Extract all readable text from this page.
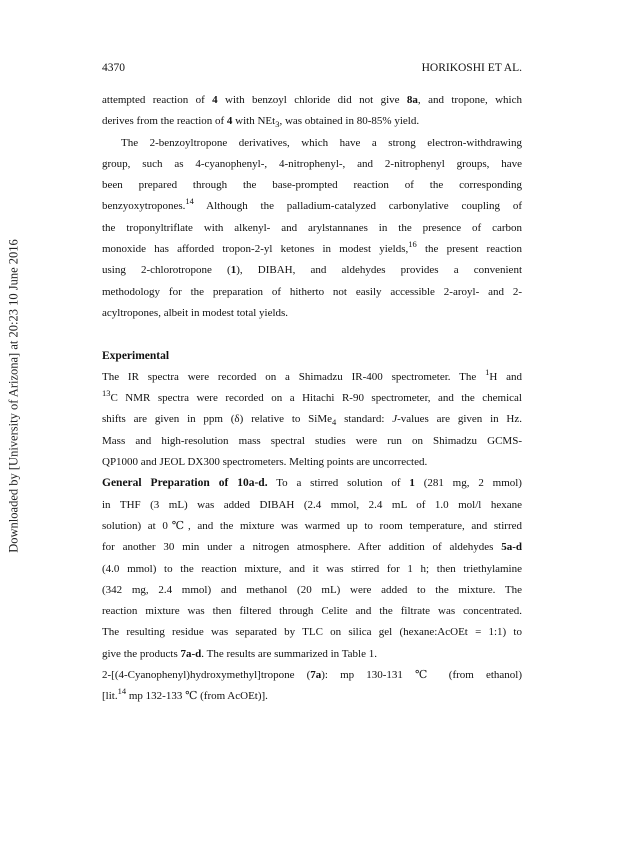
Downloaded by [University of Arizona] at 20:23 10 June 2016
4370	HORIKOSHI ET AL.
attempted reaction of 4 with benzoyl chloride did not give 8a, and tropone, which
derives from the reaction of 4 with NEt$_3$, was obtained in 80-85% yield.
The 2-benzoyltropone derivatives, which have a strong electron-withdrawing
group, such as 4-cyanophenyl-, 4-nitrophenyl-, and 2-nitrophenyl groups, have
been prepared through the base-prompted reaction of the corresponding
benzyoxytropones.$^{14}$ Although the palladium-catalyzed carbonylative coupling of
the troponyltriflate with alkenyl- and arylstannanes in the presence of carbon
monoxide has afforded tropon-2-yl ketones in modest yields,$^{16}$ the present reaction
using 2-chlorotropone (1), DIBAH, and aldehydes provides a convenient
methodology for the preparation of hitherto not easily accessible 2-aroyl- and 2-
acyltropones, albeit in modest total yields.
Experimental
The IR spectra were recorded on a Shimadzu IR-400 spectrometer. The $^1$H and
$^{13}$C NMR spectra were recorded on a Hitachi R-90 spectrometer, and the chemical
shifts are given in ppm (δ) relative to SiMe$_4$ standard: J-values are given in Hz.
Mass and high-resolution mass spectral studies were run on Shimadzu GCMS-
QP1000 and JEOL DX300 spectrometers. Melting points are uncorrected.
General Preparation of 10a-d. To a stirred solution of 1 (281 mg, 2 mmol)
in THF (3 mL) was added DIBAH (2.4 mmol, 2.4 mL of 1.0 mol/l hexane
solution) at 0℃, and the mixture was warmed up to room temperature, and stirred
for another 30 min under a nitrogen atmosphere. After addition of aldehydes 5a-d
(4.0 mmol) to the reaction mixture, and it was stirred for 1 h; then triethylamine
(342 mg, 2.4 mmol) and methanol (20 mL) were added to the mixture. The
reaction mixture was then filtered through Celite and the filtrate was concentrated.
The resulting residue was separated by TLC on silica gel (hexane:AcOEt = 1:1) to
give the products 7a-d. The results are summarized in Table 1.
2-[(4-Cyanophenyl)hydroxymethyl]tropone (7a): mp 130-131 ℃ (from ethanol)
[lit.$^{14}$ mp 132-133 ℃ (from AcOEt)].
